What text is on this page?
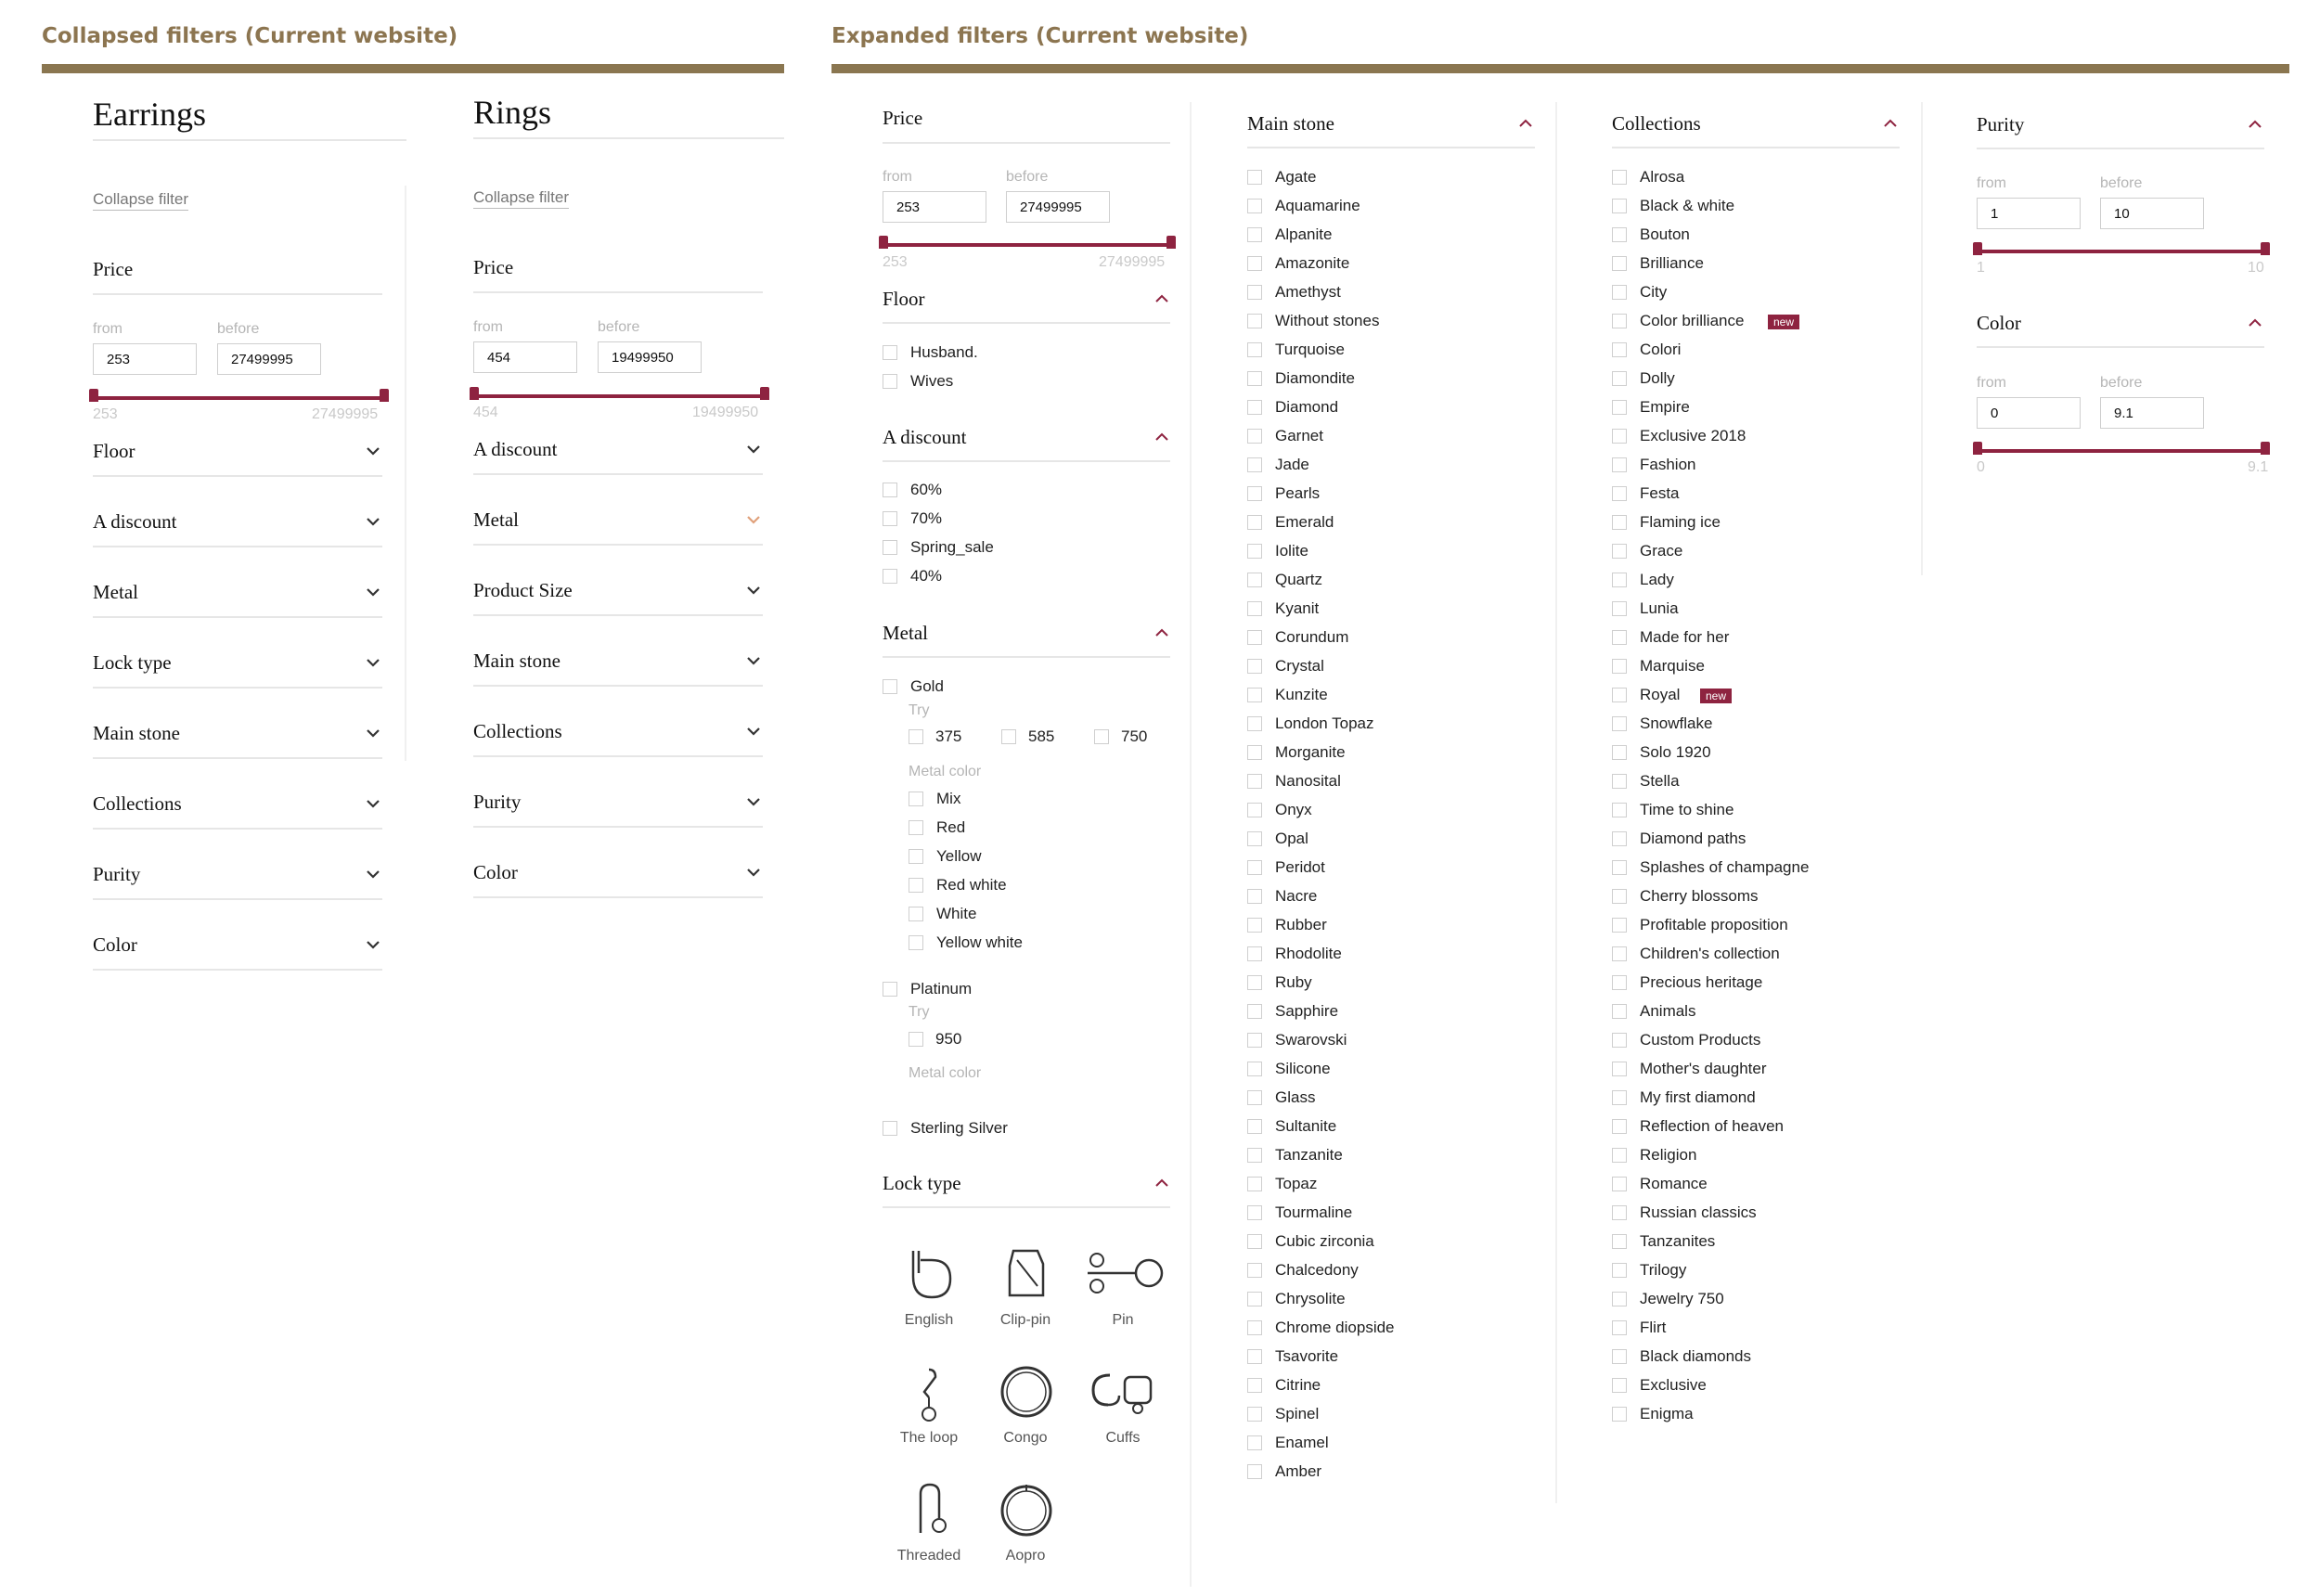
Collapsed filters (Current website)	Expanded filters (Current website)
Earrings
Collapse filter
Price
from	before
253
27499995
253	27499995
Rings
Collapse filter
Price
from	before
454
19499950
454	19499950
Price
from	before
253
27499995
253	27499995
Floor
A discount
Metal
Gold
Try
Metal color
Platinum
Try
950
Metal color
Sterling Silver
Lock type
English	Clip-pin	Pin
The loop	Congo	Cuffs
Threaded	Aopro
Main stone	Collections	Purity
from	before
1
10
1	10
Color
from	before
0
9.1
0	9.1
Floor
A discount
Metal
Lock type
Main stone
Collections
Purity
Color
A discount
Metal
Product Size
Main stone
Collections
Purity
Color
Husband.
Wives
60%
70%
Spring_sale
40%
Mix
Red
Yellow
Red white
White
Yellow white
Agate
Aquamarine
Alpanite
Amazonite
Amethyst
Without stones
Turquoise
Diamondite
Diamond
Garnet
Jade
Pearls
Emerald
Iolite
Quartz
Kyanit
Corundum
Crystal
Kunzite
London Topaz
Morganite
Nanosital
Onyx
Opal
Peridot
Nacre
Rubber
Rhodolite
Ruby
Sapphire
Swarovski
Silicone
Glass
Sultanite
Tanzanite
Topaz
Tourmaline
Cubic zirconia
Chalcedony
Chrysolite
Chrome diopside
Tsavorite
Citrine
Spinel
Enamel
Amber
Alrosa
Black & white
Bouton
Brilliance
City
Color brilliance
Colori
Dolly
Empire
Exclusive 2018
Fashion
Festa
Flaming ice
Grace
Lady
Lunia
Made for her
Marquise
Royal
Snowflake
Solo 1920
Stella
Time to shine
Diamond paths
Splashes of champagne
Cherry blossoms
Profitable proposition
Children's collection
Precious heritage
Animals
Custom Products
Mother's daughter
My first diamond
Reflection of heaven
Religion
Romance
Russian classics
Tanzanites
Trilogy
Jewelry 750
Flirt
Black diamonds
Exclusive
Enigma
375	585	750
new
new
